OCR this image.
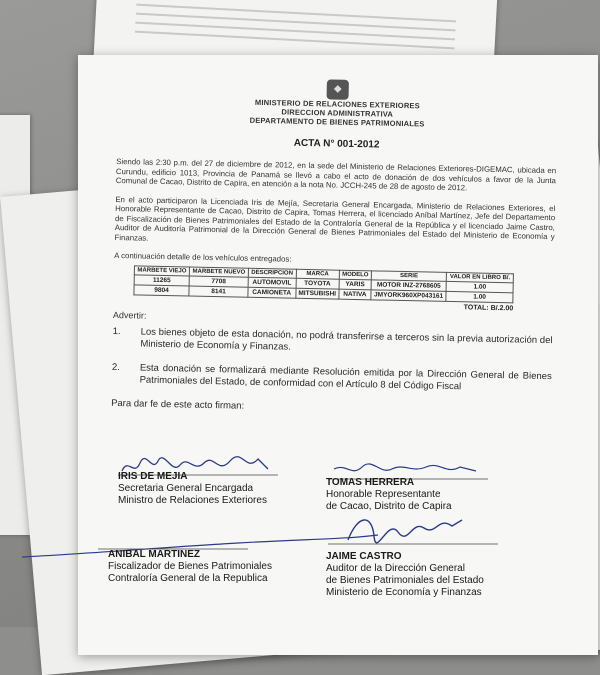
◆
MINISTERIO DE RELACIONES EXTERIORES
DIRECCION ADMINISTRATIVA
DEPARTAMENTO DE BIENES PATRIMONIALES
ACTA N° 001-2012

Siendo las 2:30 p.m. del 27 de diciembre de 2012, en la sede del Ministerio de Relaciones Exteriores-DIGEMAC, ubicada en Curundu, edificio 1013, Provincia de Panamá se llevó a cabo el acto de donación de dos vehículos a favor de la Junta Comunal de Cacao, Distrito de Capira, en atención a la nota No. JCCH-245 de 28 de agosto de 2012.

En el acto participaron la Licenciada Iris de Mejía, Secretaria General Encargada, Ministerio de Relaciones Exteriores, el Honorable Representante de Cacao, Distrito de Capira, Tomas Herrera, el licenciado Aníbal Martínez, Jefe del Departamento de Fiscalización de Bienes Patrimoniales del Estado de la Contraloría General de la República y el licenciado Jaime Castro, Auditor de Auditoría Patrimonial de la Dirección General de Bienes Patrimoniales del Estado del Ministerio de Economía y Finanzas.

A continuación detalle de los vehículos entregados:

MARBETE VIEJO	MARBETE NUEVO	DESCRIPCION	MARCA	MODELO	SERIE	VALOR EN LIBRO B/.
11265	7708	AUTOMOVIL	TOYOTA	YARIS	MOTOR INZ-2768605	1.00
9804	8141	CAMIONETA	MITSUBISHI	NATIVA	JMYORK960XP043161	1.00
TOTAL: B/.2.00
Advertir:
1.	Los bienes objeto de esta donación, no podrá transferirse a terceros sin la previa autorización del Ministerio de Economía y Finanzas.
2.	Esta donación se formalizará mediante Resolución emitida por la Dirección General de Bienes Patrimoniales del Estado, de conformidad con el Artículo 8 del Código Fiscal
Para dar fe de este acto firman:
IRIS DE MEJIA
Secretaria General Encargada
Ministro de Relaciones Exteriores
TOMAS HERRERA
Honorable Representante
de Cacao, Distrito de Capira
ANIBAL MARTINEZ
Fiscalizador de Bienes Patrimoniales
Contraloría General de la Republica
JAIME CASTRO
Auditor de la Dirección General
de Bienes Patrimoniales del Estado
Ministerio de Economía y Finanzas
